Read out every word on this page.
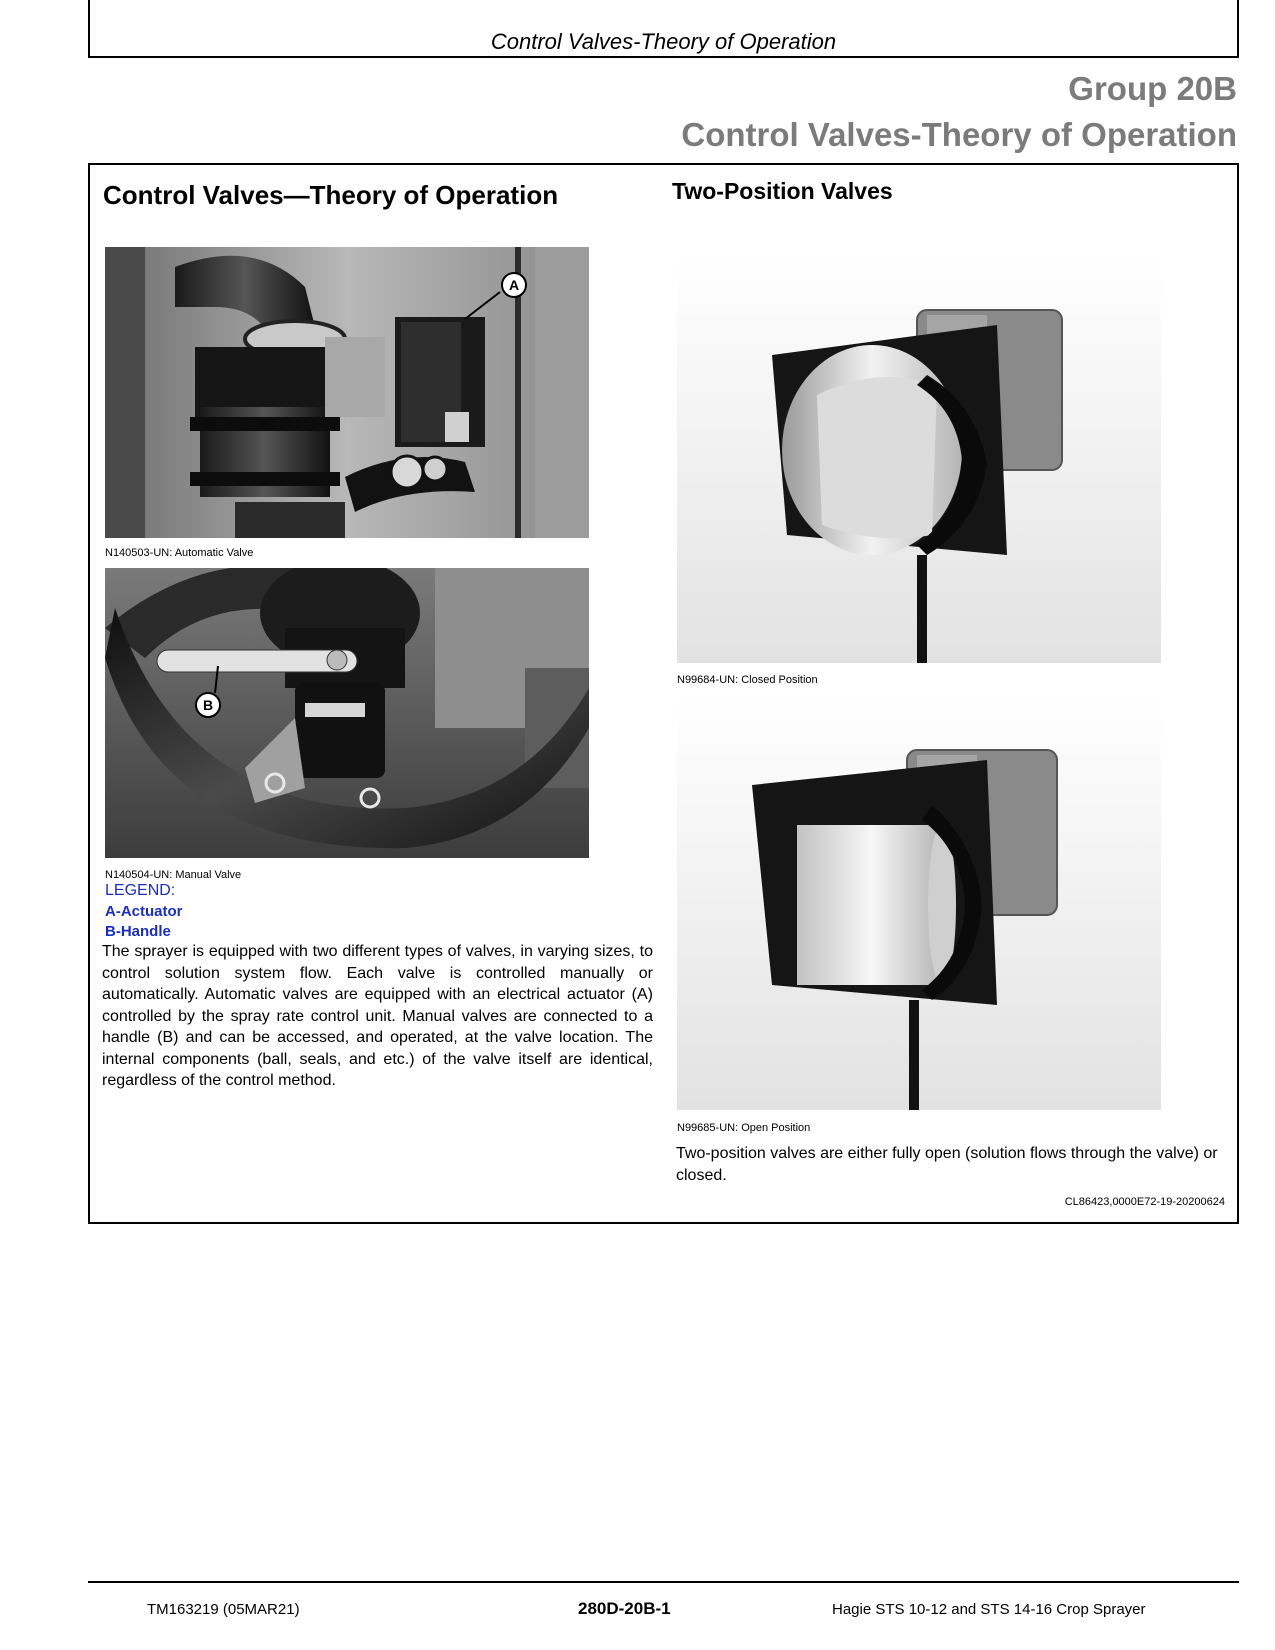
Control Valves-Theory of Operation
Group 20B
Control Valves-Theory of Operation
Control Valves—Theory of Operation
A
N140503-UN: Automatic Valve
B
N140504-UN: Manual Valve
LEGEND:
A-Actuator
B-Handle
The sprayer is equipped with two different types of valves, in varying sizes, to control solution system flow. Each valve is controlled manually or automatically. Automatic valves are equipped with an electrical actuator (A) controlled by the spray rate control unit. Manual valves are connected to a handle (B) and can be accessed, and operated, at the valve location. The internal components (ball, seals, and etc.) of the valve itself are identical, regardless of the control method.
Two-Position Valves
N99684-UN: Closed Position
N99685-UN: Open Position
Two-position valves are either fully open (solution flows through the valve) or closed.
CL86423,0000E72-19-20200624
TM163219 (05MAR21)	280D-20B-1	Hagie STS 10-12 and STS 14-16 Crop Sprayer
